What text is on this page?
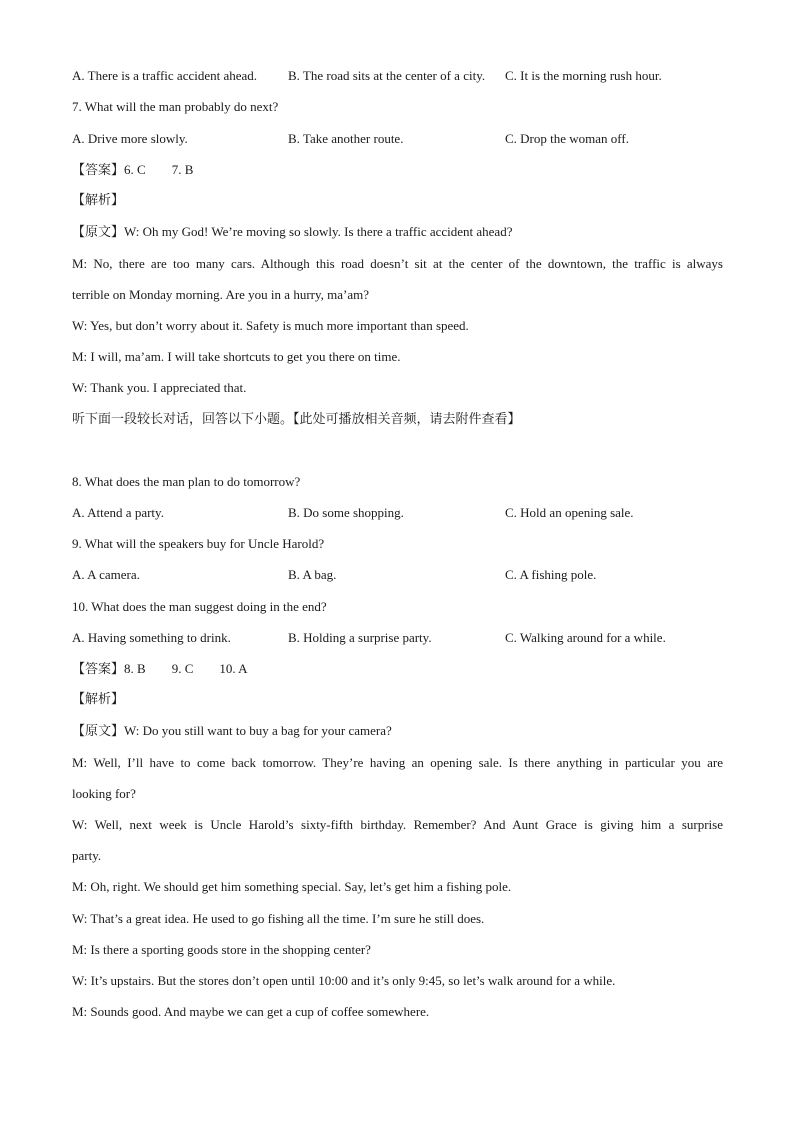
A. There is a traffic accident ahead. B. The road sits at the center of a city. C. It is the morning rush hour.
7. What will the man probably do next?
A. Drive more slowly.	B. Take another route.	C. Drop the woman off.
【答案】6. C 7. B
【解析】
【原文】W: Oh my God! We’re moving so slowly. Is there a traffic accident ahead?
M: No, there are too many cars. Although this road doesn’t sit at the center of the downtown, the traffic is always
terrible on Monday morning. Are you in a hurry, ma’am?
W: Yes, but don’t worry about it. Safety is much more important than speed.
M: I will, ma’am. I will take shortcuts to get you there on time.
W: Thank you. I appreciated that.
听下面一段较长对话，回答以下小题。【此处可播放相关音频，请去附件查看】
8. What does the man plan to do tomorrow?
A. Attend a party.	B. Do some shopping.	C. Hold an opening sale.
9. What will the speakers buy for Uncle Harold?
A. A camera.	B. A bag.	C. A fishing pole.
10. What does the man suggest doing in the end?
A. Having something to drink.	B. Holding a surprise party.	C. Walking around for a while.
【答案】8. B 9. C 10. A
【解析】
【原文】W: Do you still want to buy a bag for your camera?
M: Well, I’ll have to come back tomorrow. They’re having an opening sale. Is there anything in particular you are
looking for?
W: Well, next week is Uncle Harold’s sixty-fifth birthday. Remember? And Aunt Grace is giving him a surprise
party.
M: Oh, right. We should get him something special. Say, let’s get him a fishing pole.
W: That’s a great idea. He used to go fishing all the time. I’m sure he still does.
M: Is there a sporting goods store in the shopping center?
W: It’s upstairs. But the stores don’t open until 10:00 and it’s only 9:45, so let’s walk around for a while.
M: Sounds good. And maybe we can get a cup of coffee somewhere.
